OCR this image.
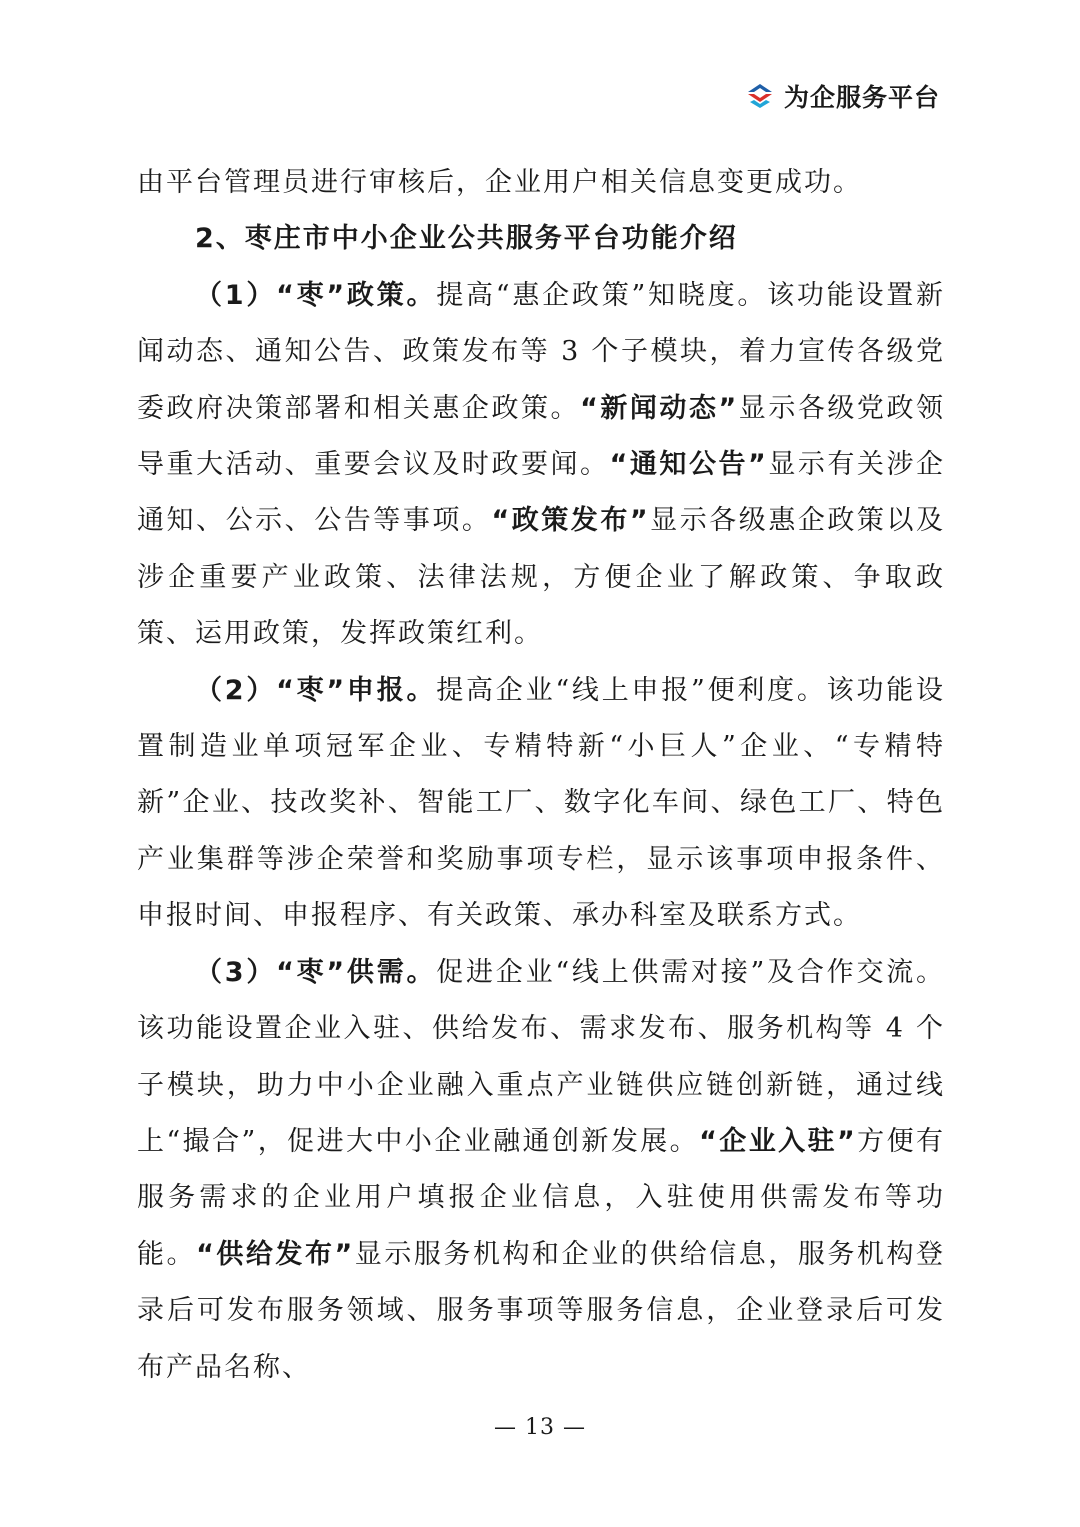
为企服务平台

由平台管理员进行审核后，企业用户相关信息变更成功。

2、枣庄市中小企业公共服务平台功能介绍

（1）“枣”政策。提高“惠企政策”知晓度。该功能设置新闻动态、通知公告、政策发布等 3 个子模块，着力宣传各级党委政府决策部署和相关惠企政策。“新闻动态”显示各级党政领导重大活动、重要会议及时政要闻。“通知公告”显示有关涉企通知、公示、公告等事项。“政策发布”显示各级惠企政策以及涉企重要产业政策、法律法规，方便企业了解政策、争取政策、运用政策，发挥政策红利。

（2）“枣”申报。提高企业“线上申报”便利度。该功能设置制造业单项冠军企业、专精特新“小巨人”企业、“专精特新”企业、技改奖补、智能工厂、数字化车间、绿色工厂、特色产业集群等涉企荣誉和奖励事项专栏，显示该事项申报条件、申报时间、申报程序、有关政策、承办科室及联系方式。

（3）“枣”供需。促进企业“线上供需对接”及合作交流。该功能设置企业入驻、供给发布、需求发布、服务机构等 4 个子模块，助力中小企业融入重点产业链供应链创新链，通过线上“撮合”，促进大中小企业融通创新发展。“企业入驻”方便有服务需求的企业用户填报企业信息，入驻使用供需发布等功能。“供给发布”显示服务机构和企业的供给信息，服务机构登录后可发布服务领域、服务事项等服务信息，企业登录后可发布产品名称、

— 13 —
